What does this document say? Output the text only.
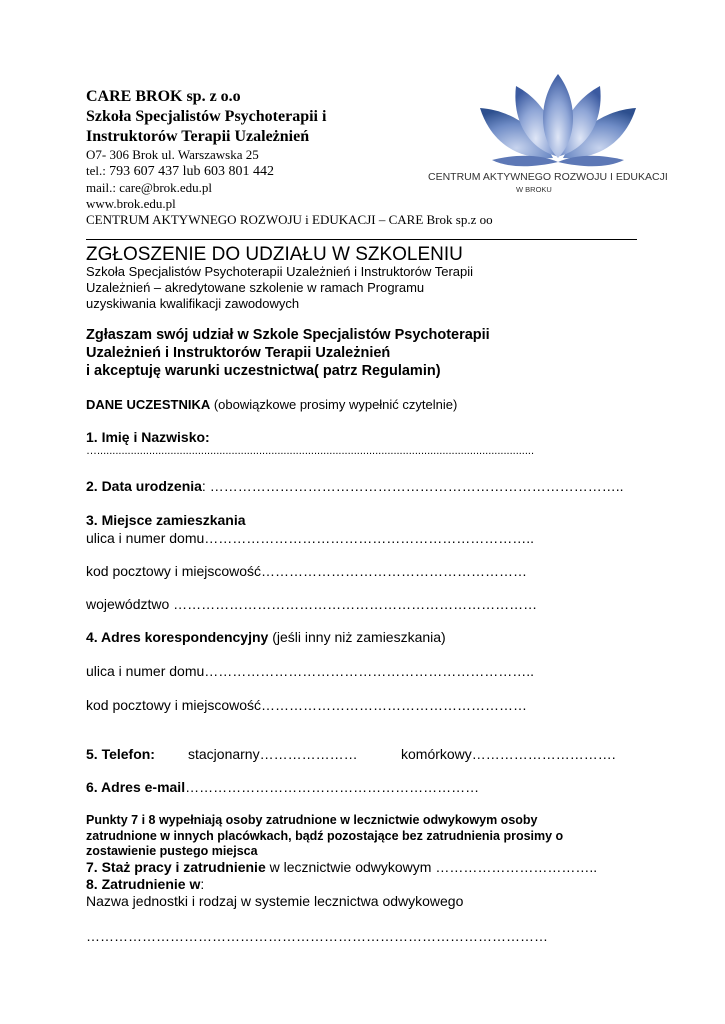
CARE BROK sp. z o.o
Szkoła Specjalistów Psychoterapii i
Instruktorów Terapii Uzależnień
O7- 306 Brok ul. Warszawska 25
tel.: 793 607 437 lub 603 801 442
mail.: care@brok.edu.pl
www.brok.edu.pl
CENTRUM AKTYWNEGO ROZWOJU i EDUKACJI – CARE Brok sp.z oo
CENTRUM AKTYWNEGO ROZWOJU I EDUKACJI
W BROKU
ZGŁOSZENIE DO UDZIAŁU W SZKOLENIU
Szkoła Specjalistów Psychoterapii Uzależnień i Instruktorów Terapii
Uzależnień – akredytowane szkolenie w ramach Programu
uzyskiwania kwalifikacji zawodowych
Zgłaszam swój udział w Szkole Specjalistów Psychoterapii
Uzależnień i Instruktorów Terapii Uzależnień
i akceptuję warunki uczestnictwa( patrz Regulamin)
DANE UCZESTNIKA (obowiązkowe prosimy wypełnić czytelnie)
1. Imię i Nazwisko:
…...............................................................................................................................................
2. Data urodzenia: ……………………………………………………………………………..
3. Miejsce zamieszkania
ulica i numer domu……………………………………………………………..
kod pocztowy i miejscowość…………………………………………………
województwo ……………………………………………………………………
4. Adres korespondencyjny (jeśli inny niż zamieszkania)
ulica i numer domu……………………………………………………………..
kod pocztowy i miejscowość…………………………………………………
5. Telefon: stacjonarny…………………	komórkowy………………………….
6. Adres e-mail………………………………………………………
Punkty 7 i 8 wypełniają osoby zatrudnione w lecznictwie odwykowym osoby
zatrudnione w innych placówkach, bądź pozostające bez zatrudnienia prosimy o
zostawienie pustego miejsca
7. Staż pracy i zatrudnienie w lecznictwie odwykowym ……………………………..
8. Zatrudnienie w:
Nazwa jednostki i rodzaj w systemie lecznictwa odwykowego
………………………………………………………………………………………
